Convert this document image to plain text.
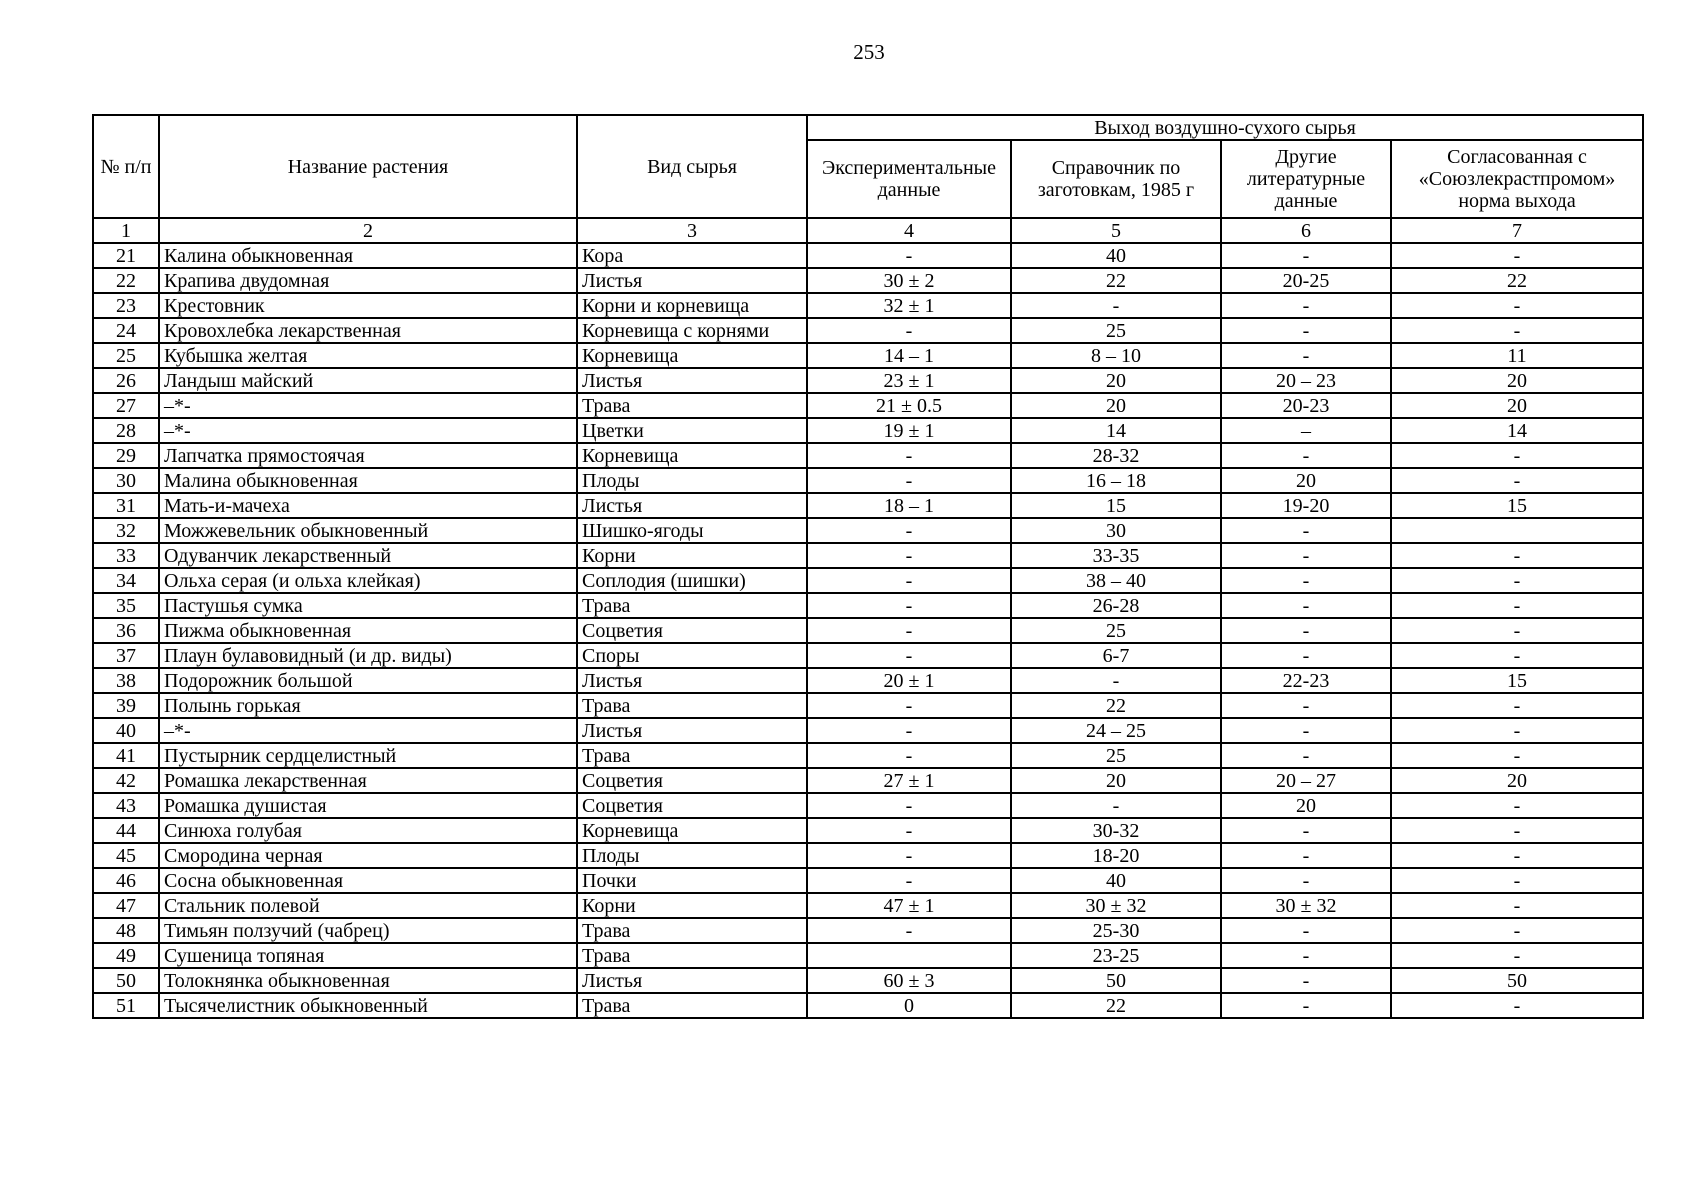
253
№ п/п	Название растения	Вид сырья	Выход воздушно-сухого сырья			
			Экспериментальные данные	Справочник по заготовкам, 1985 г	Другие литературные данные	Согласованная с «Союзлекрастпромом» норма выхода
1	2	3	4	5	6	7
21	Калина обыкновенная	Кора	-	40	-	-
22	Крапива двудомная	Листья	30 ± 2	22	20-25	22
23	Крестовник	Корни и корневища	32 ± 1	-	-	-
24	Кровохлебка лекарственная	Корневища с корнями	-	25	-	-
25	Кубышка желтая	Корневища	14 – 1	8 – 10	-	11
26	Ландыш майский	Листья	23 ± 1	20	20 – 23	20
27	–*-	Трава	21 ± 0.5	20	20-23	20
28	–*-	Цветки	19 ± 1	14	–	14
29	Лапчатка прямостоячая	Корневища	-	28-32	-	-
30	Малина обыкновенная	Плоды	-	16 – 18	20	-
31	Мать-и-мачеха	Листья	18 – 1	15	19-20	15
32	Можжевельник обыкновенный	Шишко-ягоды	-	30	-	
33	Одуванчик лекарственный	Корни	-	33-35	-	-
34	Ольха серая (и ольха клейкая)	Соплодия (шишки)	-	38 – 40	-	-
35	Пастушья сумка	Трава	-	26-28	-	-
36	Пижма обыкновенная	Соцветия	-	25	-	-
37	Плаун булавовидный (и др. виды)	Споры	-	6-7	-	-
38	Подорожник большой	Листья	20 ± 1	-	22-23	15
39	Полынь горькая	Трава	-	22	-	-
40	–*-	Листья	-	24 – 25	-	-
41	Пустырник сердцелистный	Трава	-	25	-	-
42	Ромашка лекарственная	Соцветия	27 ± 1	20	20 – 27	20
43	Ромашка душистая	Соцветия	-	-	20	-
44	Синюха голубая	Корневища	-	30-32	-	-
45	Смородина черная	Плоды	-	18-20	-	-
46	Сосна обыкновенная	Почки	-	40	-	-
47	Стальник полевой	Корни	47 ± 1	30 ± 32	30 ± 32	-
48	Тимьян ползучий (чабрец)	Трава	-	25-30	-	-
49	Сушеница топяная	Трава		23-25	-	-
50	Толокнянка обыкновенная	Листья	60 ± 3	50	-	50
51	Тысячелистник обыкновенный	Трава	0	22	-	-
